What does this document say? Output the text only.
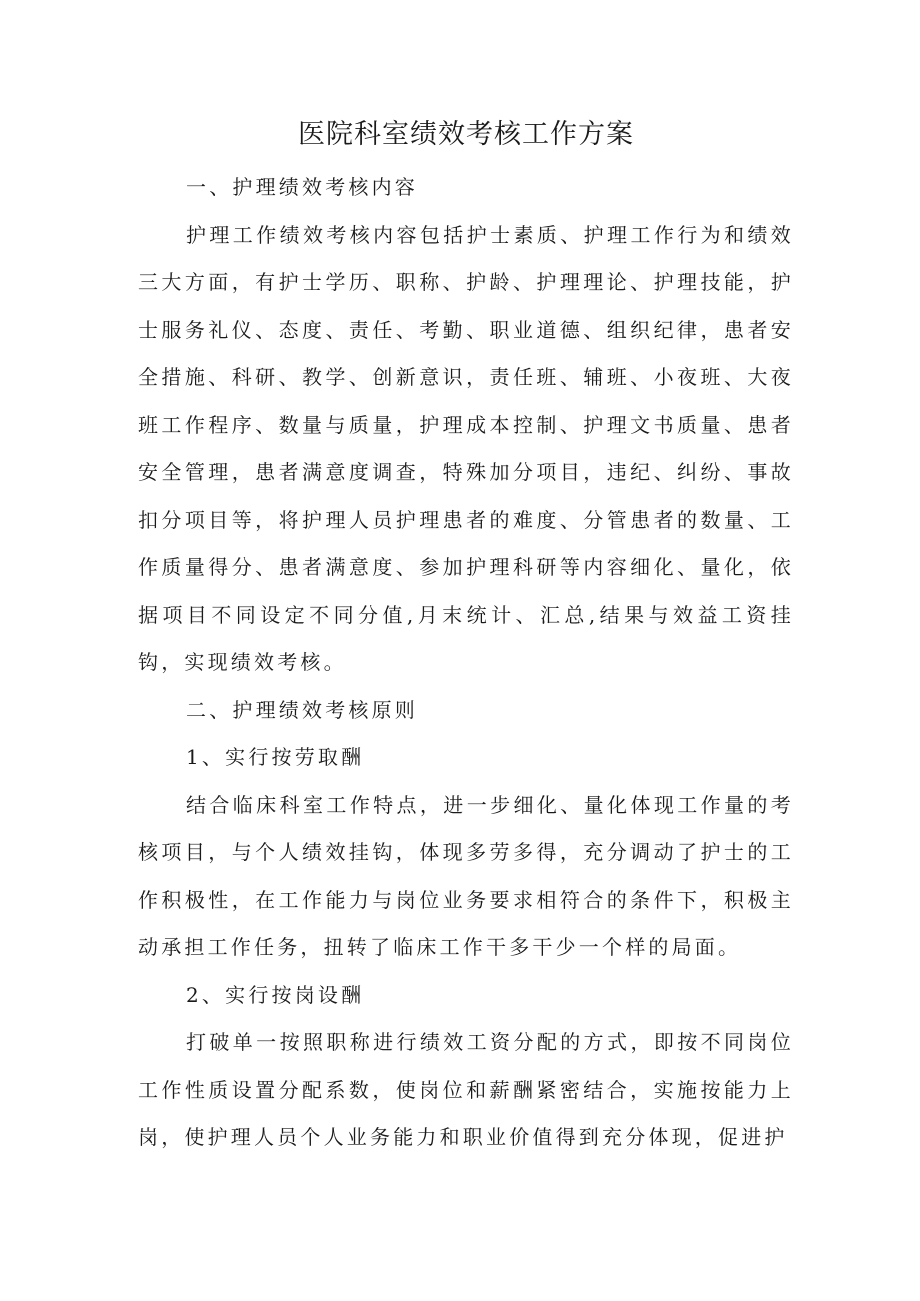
医院科室绩效考核工作方案

一、护理绩效考核内容

护理工作绩效考核内容包括护士素质、护理工作行为和绩效三大方面，有护士学历、职称、护龄、护理理论、护理技能，护士服务礼仪、态度、责任、考勤、职业道德、组织纪律，患者安全措施、科研、教学、创新意识，责任班、辅班、小夜班、大夜班工作程序、数量与质量，护理成本控制、护理文书质量、患者安全管理，患者满意度调查，特殊加分项目，违纪、纠纷、事故扣分项目等，将护理人员护理患者的难度、分管患者的数量、工作质量得分、患者满意度、参加护理科研等内容细化、量化，依据项目不同设定不同分值,月末统计、汇总,结果与效益工资挂钩，实现绩效考核。

二、护理绩效考核原则

1、实行按劳取酬

结合临床科室工作特点，进一步细化、量化体现工作量的考核项目，与个人绩效挂钩，体现多劳多得，充分调动了护士的工作积极性，在工作能力与岗位业务要求相符合的条件下，积极主动承担工作任务，扭转了临床工作干多干少一个样的局面。

2、实行按岗设酬

打破单一按照职称进行绩效工资分配的方式，即按不同岗位工作性质设置分配系数，使岗位和薪酬紧密结合，实施按能力上岗，使护理人员个人业务能力和职业价值得到充分体现，促进护
